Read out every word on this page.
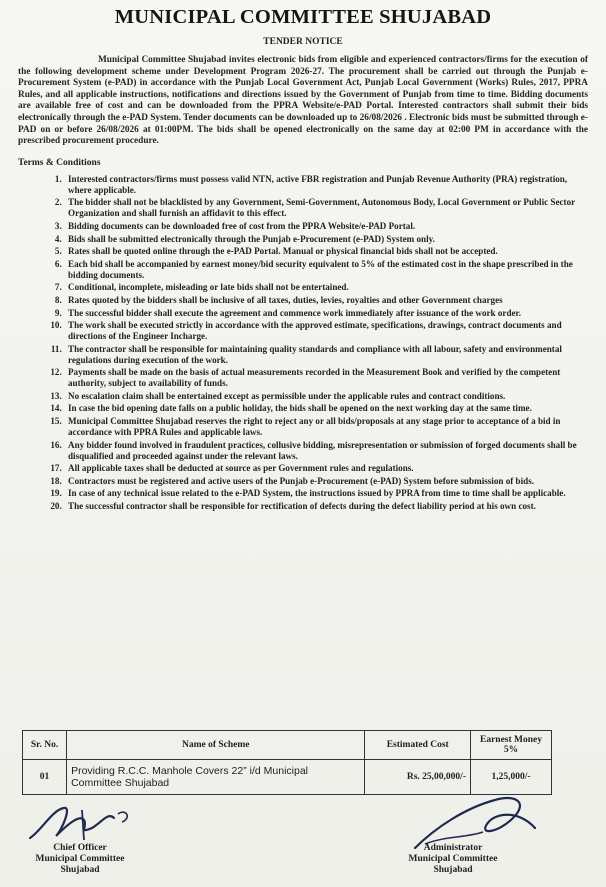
MUNICIPAL COMMITTEE SHUJABAD
TENDER NOTICE

Municipal Committee Shujabad invites electronic bids from eligible and experienced contractors/firms for the execution of the following development scheme under Development Program 2026-27. The procurement shall be carried out through the Punjab e-Procurement System (e-PAD) in accordance with the Punjab Local Government Act, Punjab Local Government (Works) Rules, 2017, PPRA Rules, and all applicable instructions, notifications and directions issued by the Government of Punjab from time to time. Bidding documents are available free of cost and can be downloaded from the PPRA Website/e-PAD Portal. Interested contractors shall submit their bids electronically through the e-PAD System. Tender documents can be downloaded up to 26/08/2026 . Electronic bids must be submitted through e-PAD on or before 26/08/2026 at 01:00PM. The bids shall be opened electronically on the same day at 02:00 PM in accordance with the prescribed procurement procedure.

Terms & Conditions
1. Interested contractors/firms must possess valid NTN, active FBR registration and Punjab Revenue Authority (PRA) registration, where applicable.
2. The bidder shall not be blacklisted by any Government, Semi-Government, Autonomous Body, Local Government or Public Sector Organization and shall furnish an affidavit to this effect.
3. Bidding documents can be downloaded free of cost from the PPRA Website/e-PAD Portal.
4. Bids shall be submitted electronically through the Punjab e-Procurement (e-PAD) System only.
5. Rates shall be quoted online through the e-PAD Portal. Manual or physical financial bids shall not be accepted.
6. Each bid shall be accompanied by earnest money/bid security equivalent to 5% of the estimated cost in the shape prescribed in the bidding documents.
7. Conditional, incomplete, misleading or late bids shall not be entertained.
8. Rates quoted by the bidders shall be inclusive of all taxes, duties, levies, royalties and other Government charges
9. The successful bidder shall execute the agreement and commence work immediately after issuance of the work order.
10. The work shall be executed strictly in accordance with the approved estimate, specifications, drawings, contract documents and directions of the Engineer Incharge.
11. The contractor shall be responsible for maintaining quality standards and compliance with all labour, safety and environmental regulations during execution of the work.
12. Payments shall be made on the basis of actual measurements recorded in the Measurement Book and verified by the competent authority, subject to availability of funds.
13. No escalation claim shall be entertained except as permissible under the applicable rules and contract conditions.
14. In case the bid opening date falls on a public holiday, the bids shall be opened on the next working day at the same time.
15. Municipal Committee Shujabad reserves the right to reject any or all bids/proposals at any stage prior to acceptance of a bid in accordance with PPRA Rules and applicable laws.
16. Any bidder found involved in fraudulent practices, collusive bidding, misrepresentation or submission of forged documents shall be disqualified and proceeded against under the relevant laws.
17. All applicable taxes shall be deducted at source as per Government rules and regulations.
18. Contractors must be registered and active users of the Punjab e-Procurement (e-PAD) System before submission of bids.
19. In case of any technical issue related to the e-PAD System, the instructions issued by PPRA from time to time shall be applicable.
20. The successful contractor shall be responsible for rectification of defects during the defect liability period at his own cost.
Sr. No.	Name of Scheme	Estimated Cost	Earnest Money 5%
01	Providing R.C.C. Manhole Covers 22” i/d Municipal Committee Shujabad	Rs. 25,00,000/-	1,25,000/-
Chief Officer
Municipal Committee
Shujabad
Administrator
Municipal Committee
Shujabad
